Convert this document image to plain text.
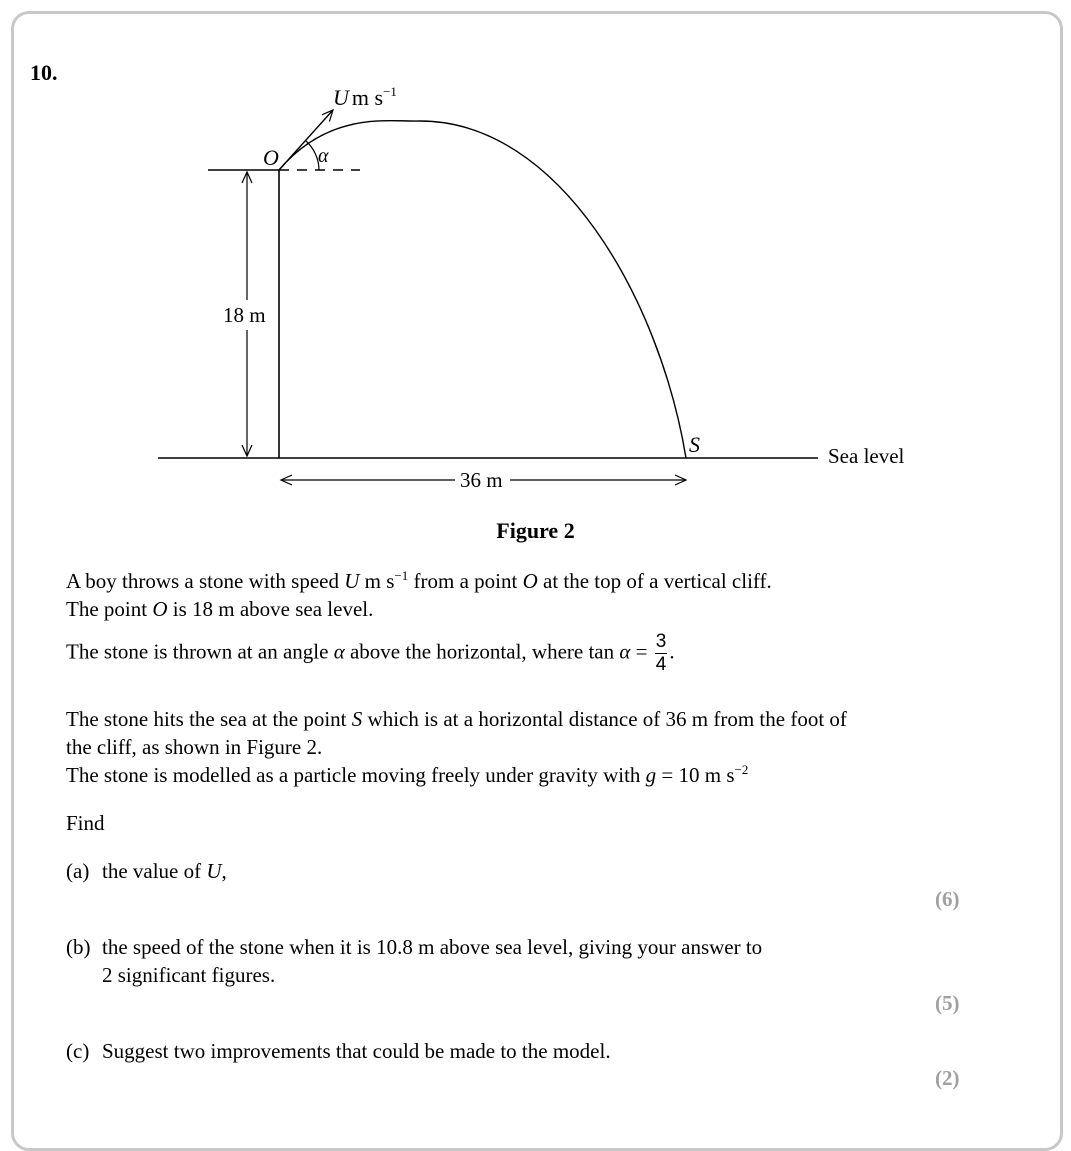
10.
U m $s^{-1}$
O α
18 m
36 m
S	Sea level
Figure 2
A boy throws a stone with speed U m $s^{-1}$ from a point O at the top of a vertical cliff.
The point O is 18 m above sea level.
The stone is thrown at an angle α above the horizontal, where $\tan \alpha = \frac{3}{4}$ .
The stone hits the sea at the point S which is at a horizontal distance of 36 m from the foot of
the cliff, as shown in Figure 2.
The stone is modelled as a particle moving freely under gravity with g = 10 m $s^{-2}$
Find
(a) the value of U,
(6)
(b) the speed of the stone when it is 10.8 m above sea level, giving your answer to
2 significant figures.
(5)
(c) Suggest two improvements that could be made to the model.
(2)
